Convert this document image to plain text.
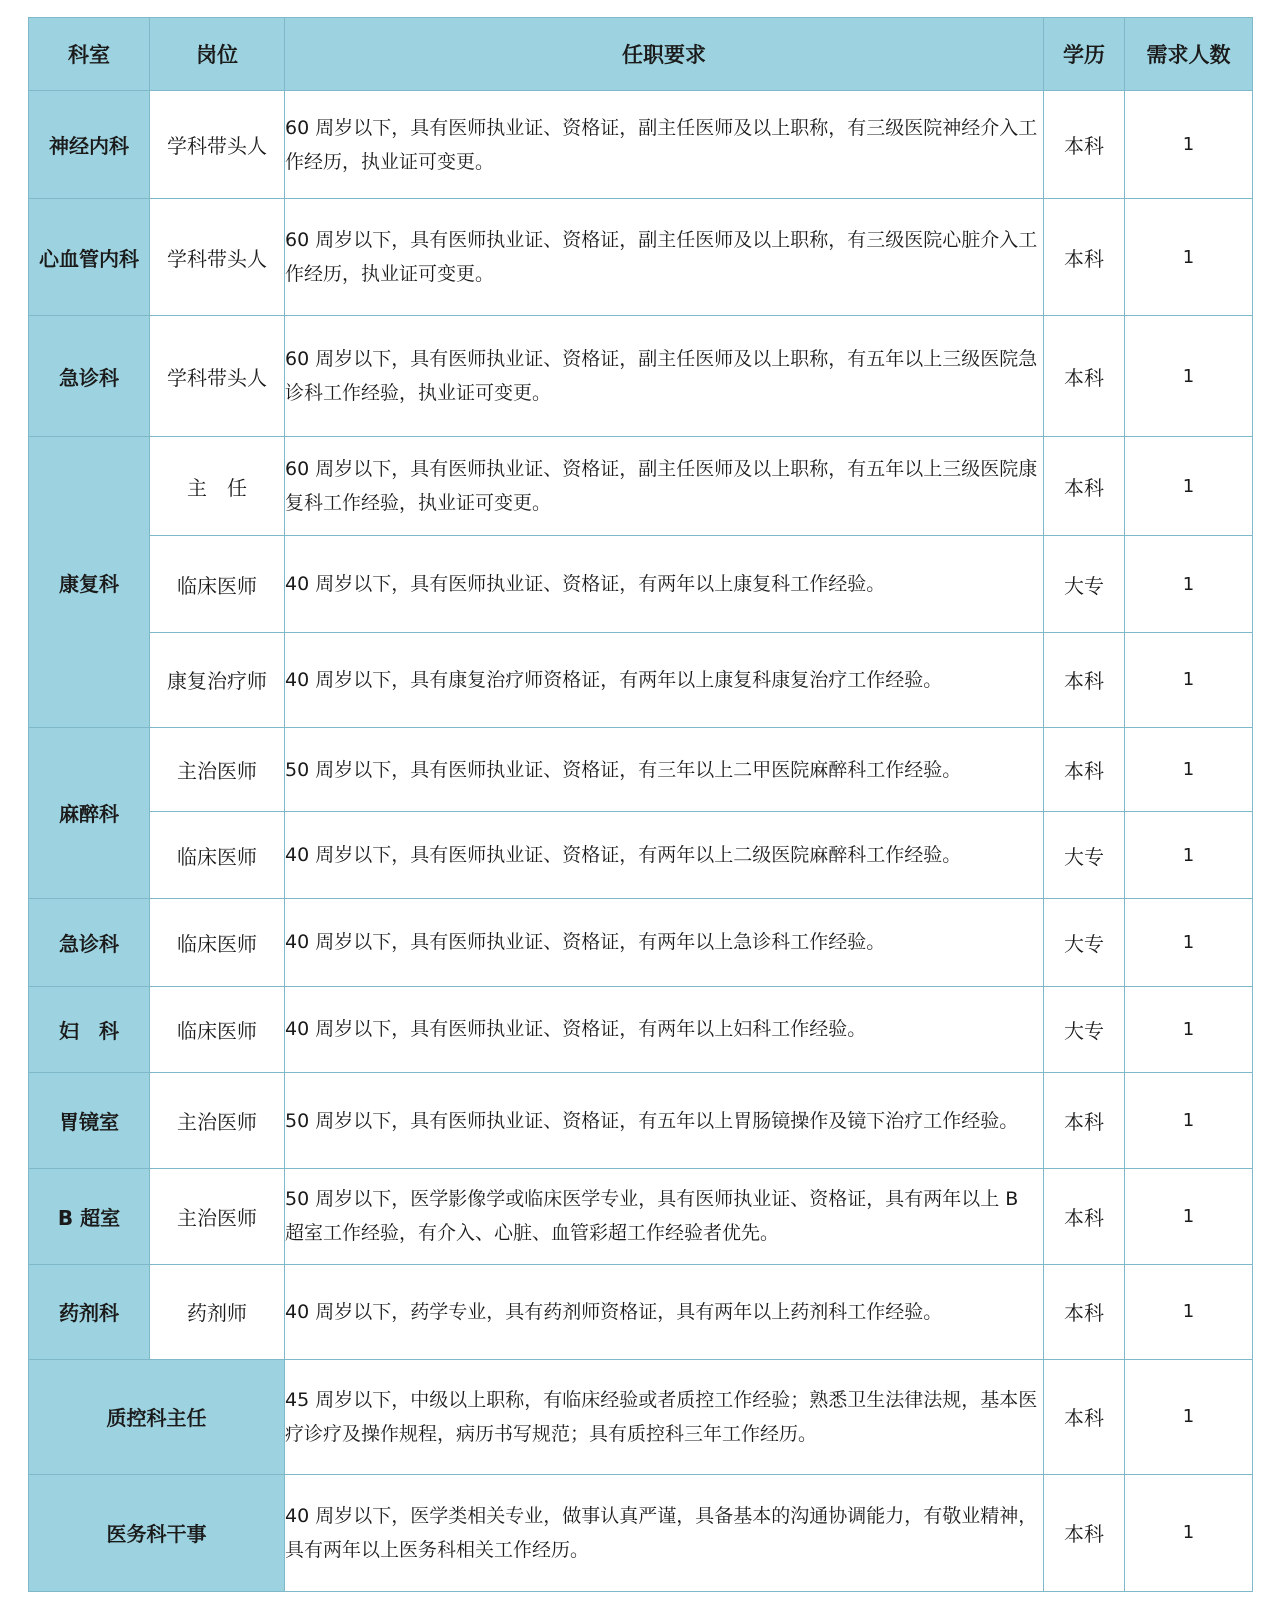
科室	岗位	任职要求	学历	需求人数
神经内科	学科带头人	60 周岁以下，具有医师执业证、资格证，副主任医师及以上职称，有三级医院神经介入工作经历，执业证可变更。	本科	1
心血管内科	学科带头人	60 周岁以下，具有医师执业证、资格证，副主任医师及以上职称，有三级医院心脏介入工作经历，执业证可变更。	本科	1
急诊科	学科带头人	60 周岁以下，具有医师执业证、资格证，副主任医师及以上职称，有五年以上三级医院急诊科工作经验，执业证可变更。	本科	1
康复科	主　任	60 周岁以下，具有医师执业证、资格证，副主任医师及以上职称，有五年以上三级医院康复科工作经验，执业证可变更。	本科	1
	临床医师	40 周岁以下，具有医师执业证、资格证，有两年以上康复科工作经验。	大专	1
	康复治疗师	40 周岁以下，具有康复治疗师资格证，有两年以上康复科康复治疗工作经验。	本科	1
麻醉科	主治医师	50 周岁以下，具有医师执业证、资格证，有三年以上二甲医院麻醉科工作经验。	本科	1
	临床医师	40 周岁以下，具有医师执业证、资格证，有两年以上二级医院麻醉科工作经验。	大专	1
急诊科	临床医师	40 周岁以下，具有医师执业证、资格证，有两年以上急诊科工作经验。	大专	1
妇　科	临床医师	40 周岁以下，具有医师执业证、资格证，有两年以上妇科工作经验。	大专	1
胃镜室	主治医师	50 周岁以下，具有医师执业证、资格证，有五年以上胃肠镜操作及镜下治疗工作经验。	本科	1
B 超室	主治医师	50 周岁以下，医学影像学或临床医学专业，具有医师执业证、资格证，具有两年以上 B 超室工作经验，有介入、心脏、血管彩超工作经验者优先。	本科	1
药剂科	药剂师	40 周岁以下，药学专业，具有药剂师资格证，具有两年以上药剂科工作经验。	本科	1
质控科主任		45 周岁以下，中级以上职称，有临床经验或者质控工作经验；熟悉卫生法律法规，基本医疗诊疗及操作规程，病历书写规范；具有质控科三年工作经历。	本科	1
医务科干事		40 周岁以下，医学类相关专业，做事认真严谨，具备基本的沟通协调能力，有敬业精神，具有两年以上医务科相关工作经历。	本科	1
